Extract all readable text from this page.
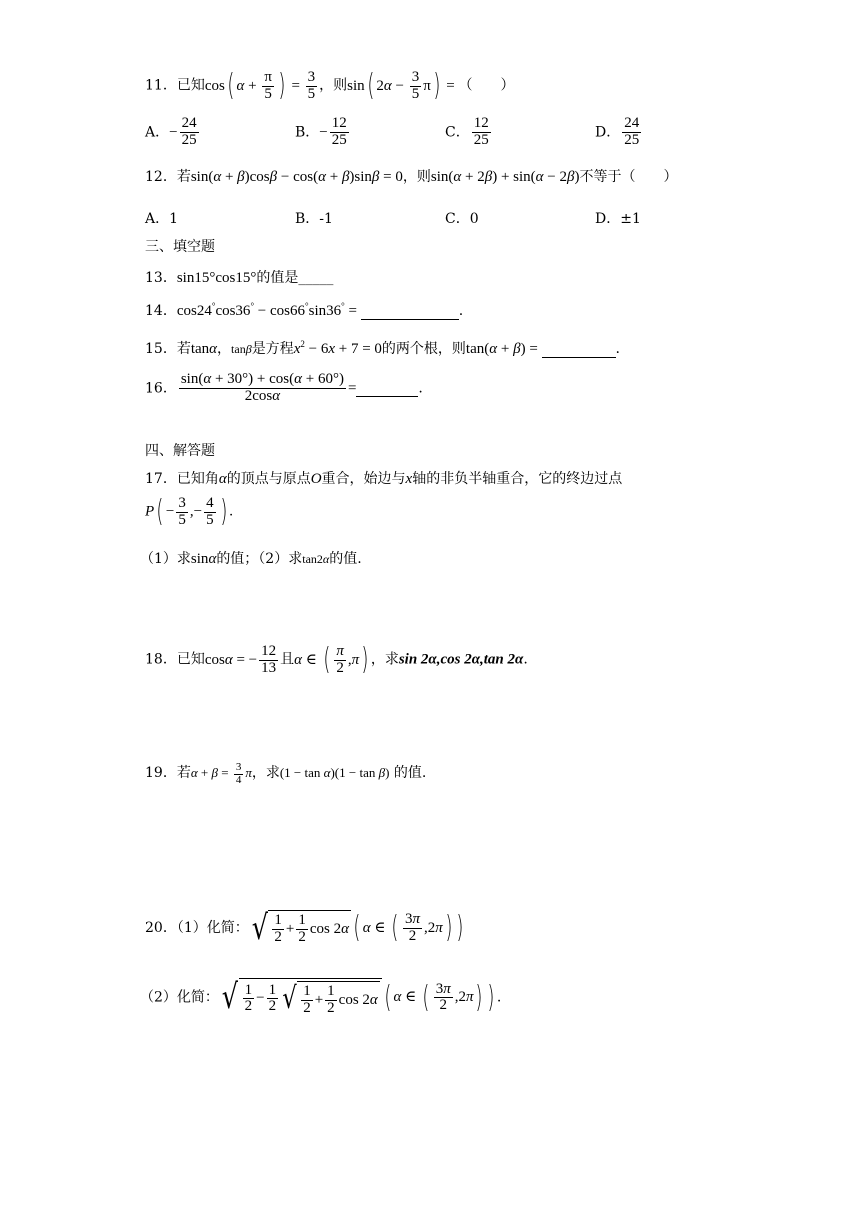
11．已知cos( $\alpha + \frac{\pi}{5}$ ) = $\frac{3}{5}$ ，则sin( $2\alpha - \frac{3}{5} \pi$) = （　　）
A．− $\frac{24}{25}$	B．− $\frac{12}{25}$	C． $\frac{12}{25}$	D． $\frac{24}{25}$
12．若sin(α + β)cosβ − cos(α + β)sinβ = 0，则sin(α + 2β) + sin(α − 2β)不等于（　　）
A．1	B．-1	C．0	D．±1
三、填空题
13．sin15°cos15°的值是_____
14．cos24°cos36° − cos66°sin36° =	.
15．若tanα，tanβ是方程$x^2 - 6x + 7 = 0$的两个根，则tan(α + β) =	.
16． $\frac{\sin(\alpha + 30^\circ) + \cos(\alpha + 60^\circ)}{2\cos\alpha}$ =	.
四、解答题
17．已知角α的顶点与原点O重合，始边与x轴的非负半轴重合，它的终边过点
$P( - \frac{3}{5}$ ,− $\frac{4}{5}$ ) .
（1）求sinα的值；（2）求tan2α的值.
18．已知cosα = − $\frac{12}{13}$ 且α ∈ ( $\frac{\pi}{2} ,\pi$) ，求sin 2α,cos 2α,tan 2α.
19．若$\alpha + \beta = \frac{3}{4}$ π，求(1 − tan α)(1 − tan β) 的值.
20．（1）化简： √ $\frac{1}{2} + \frac{1}{2}$ cos 2 α ( α ∈ ( $\frac{3\pi}{2} ,2\pi$) )
（2）化简： √ $\frac{1}{2} - \frac{1}{2}$ √ $\frac{1}{2} + \frac{1}{2}$ cos 2 α ( α ∈ ( $\frac{3\pi}{2} ,2\pi$) ) .
